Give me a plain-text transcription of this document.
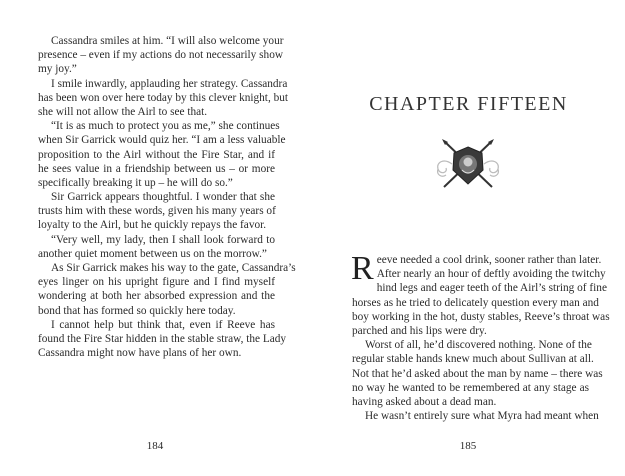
Cassandra smiles at him. “I will also welcome your
presence – even if my actions do not necessarily show
my joy.”
I smile inwardly, applauding her strategy. Cassandra
has been won over here today by this clever knight, but
she will not allow the Airl to see that.
“It is as much to protect you as me,” she continues
when Sir Garrick would quiz her. “I am a less valuable
proposition to the Airl without the Fire Star, and if
he sees value in a friendship between us – or more
specifically breaking it up – he will do so.”
Sir Garrick appears thoughtful. I wonder that she
trusts him with these words, given his many years of
loyalty to the Airl, but he quickly repays the favor.
“Very well, my lady, then I shall look forward to
another quiet moment between us on the morrow.”
As Sir Garrick makes his way to the gate, Cassandra’s
eyes linger on his upright figure and I find myself
wondering at both her absorbed expression and the
bond that has formed so quickly here today.
I cannot help but think that, even if Reeve has
found the Fire Star hidden in the stable straw, the Lady
Cassandra might now have plans of her own.
184
CHAPTER FIFTEEN
R eeve needed a cool drink, sooner rather than later.
After nearly an hour of deftly avoiding the twitchy
hind legs and eager teeth of the Airl’s string of fine
horses as he tried to delicately question every man and
boy working in the hot, dusty stables, Reeve’s throat was
parched and his lips were dry.
Worst of all, he’d discovered nothing. None of the
regular stable hands knew much about Sullivan at all.
Not that he’d asked about the man by name – there was
no way he wanted to be remembered at any stage as
having asked about a dead man.
He wasn’t entirely sure what Myra had meant when
185
